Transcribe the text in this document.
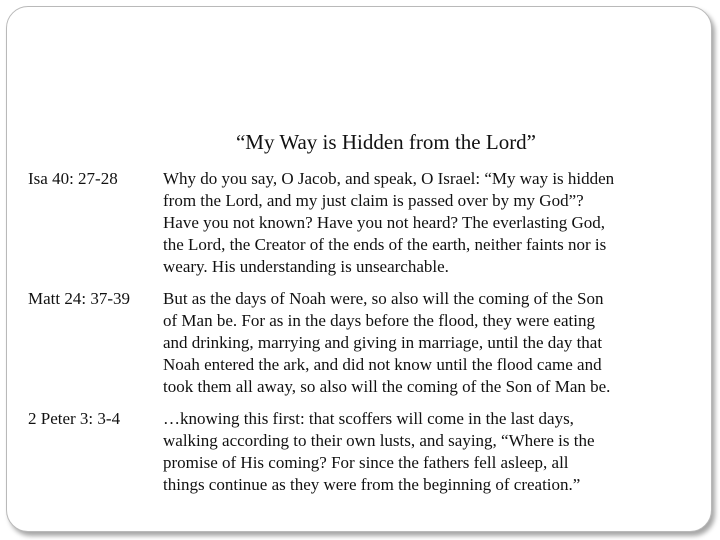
“My Way is Hidden from the Lord”
Isa 40: 27-28	Why do you say, O Jacob, and speak, O Israel: “My way is hidden
from the Lord, and my just claim is passed over by my God”?
Have you not known? Have you not heard? The everlasting God,
the Lord, the Creator of the ends of the earth, neither faints nor is
weary. His understanding is unsearchable.
Matt 24: 37-39 But as the days of Noah were, so also will the coming of the Son
of Man be. For as in the days before the flood, they were eating
and drinking, marrying and giving in marriage, until the day that
Noah entered the ark, and did not know until the flood came and
took them all away, so also will the coming of the Son of Man be.
2 Peter 3: 3-4	…knowing this first: that scoffers will come in the last days,
walking according to their own lusts, and saying, “Where is the
promise of His coming? For since the fathers fell asleep, all
things continue as they were from the beginning of creation.”
